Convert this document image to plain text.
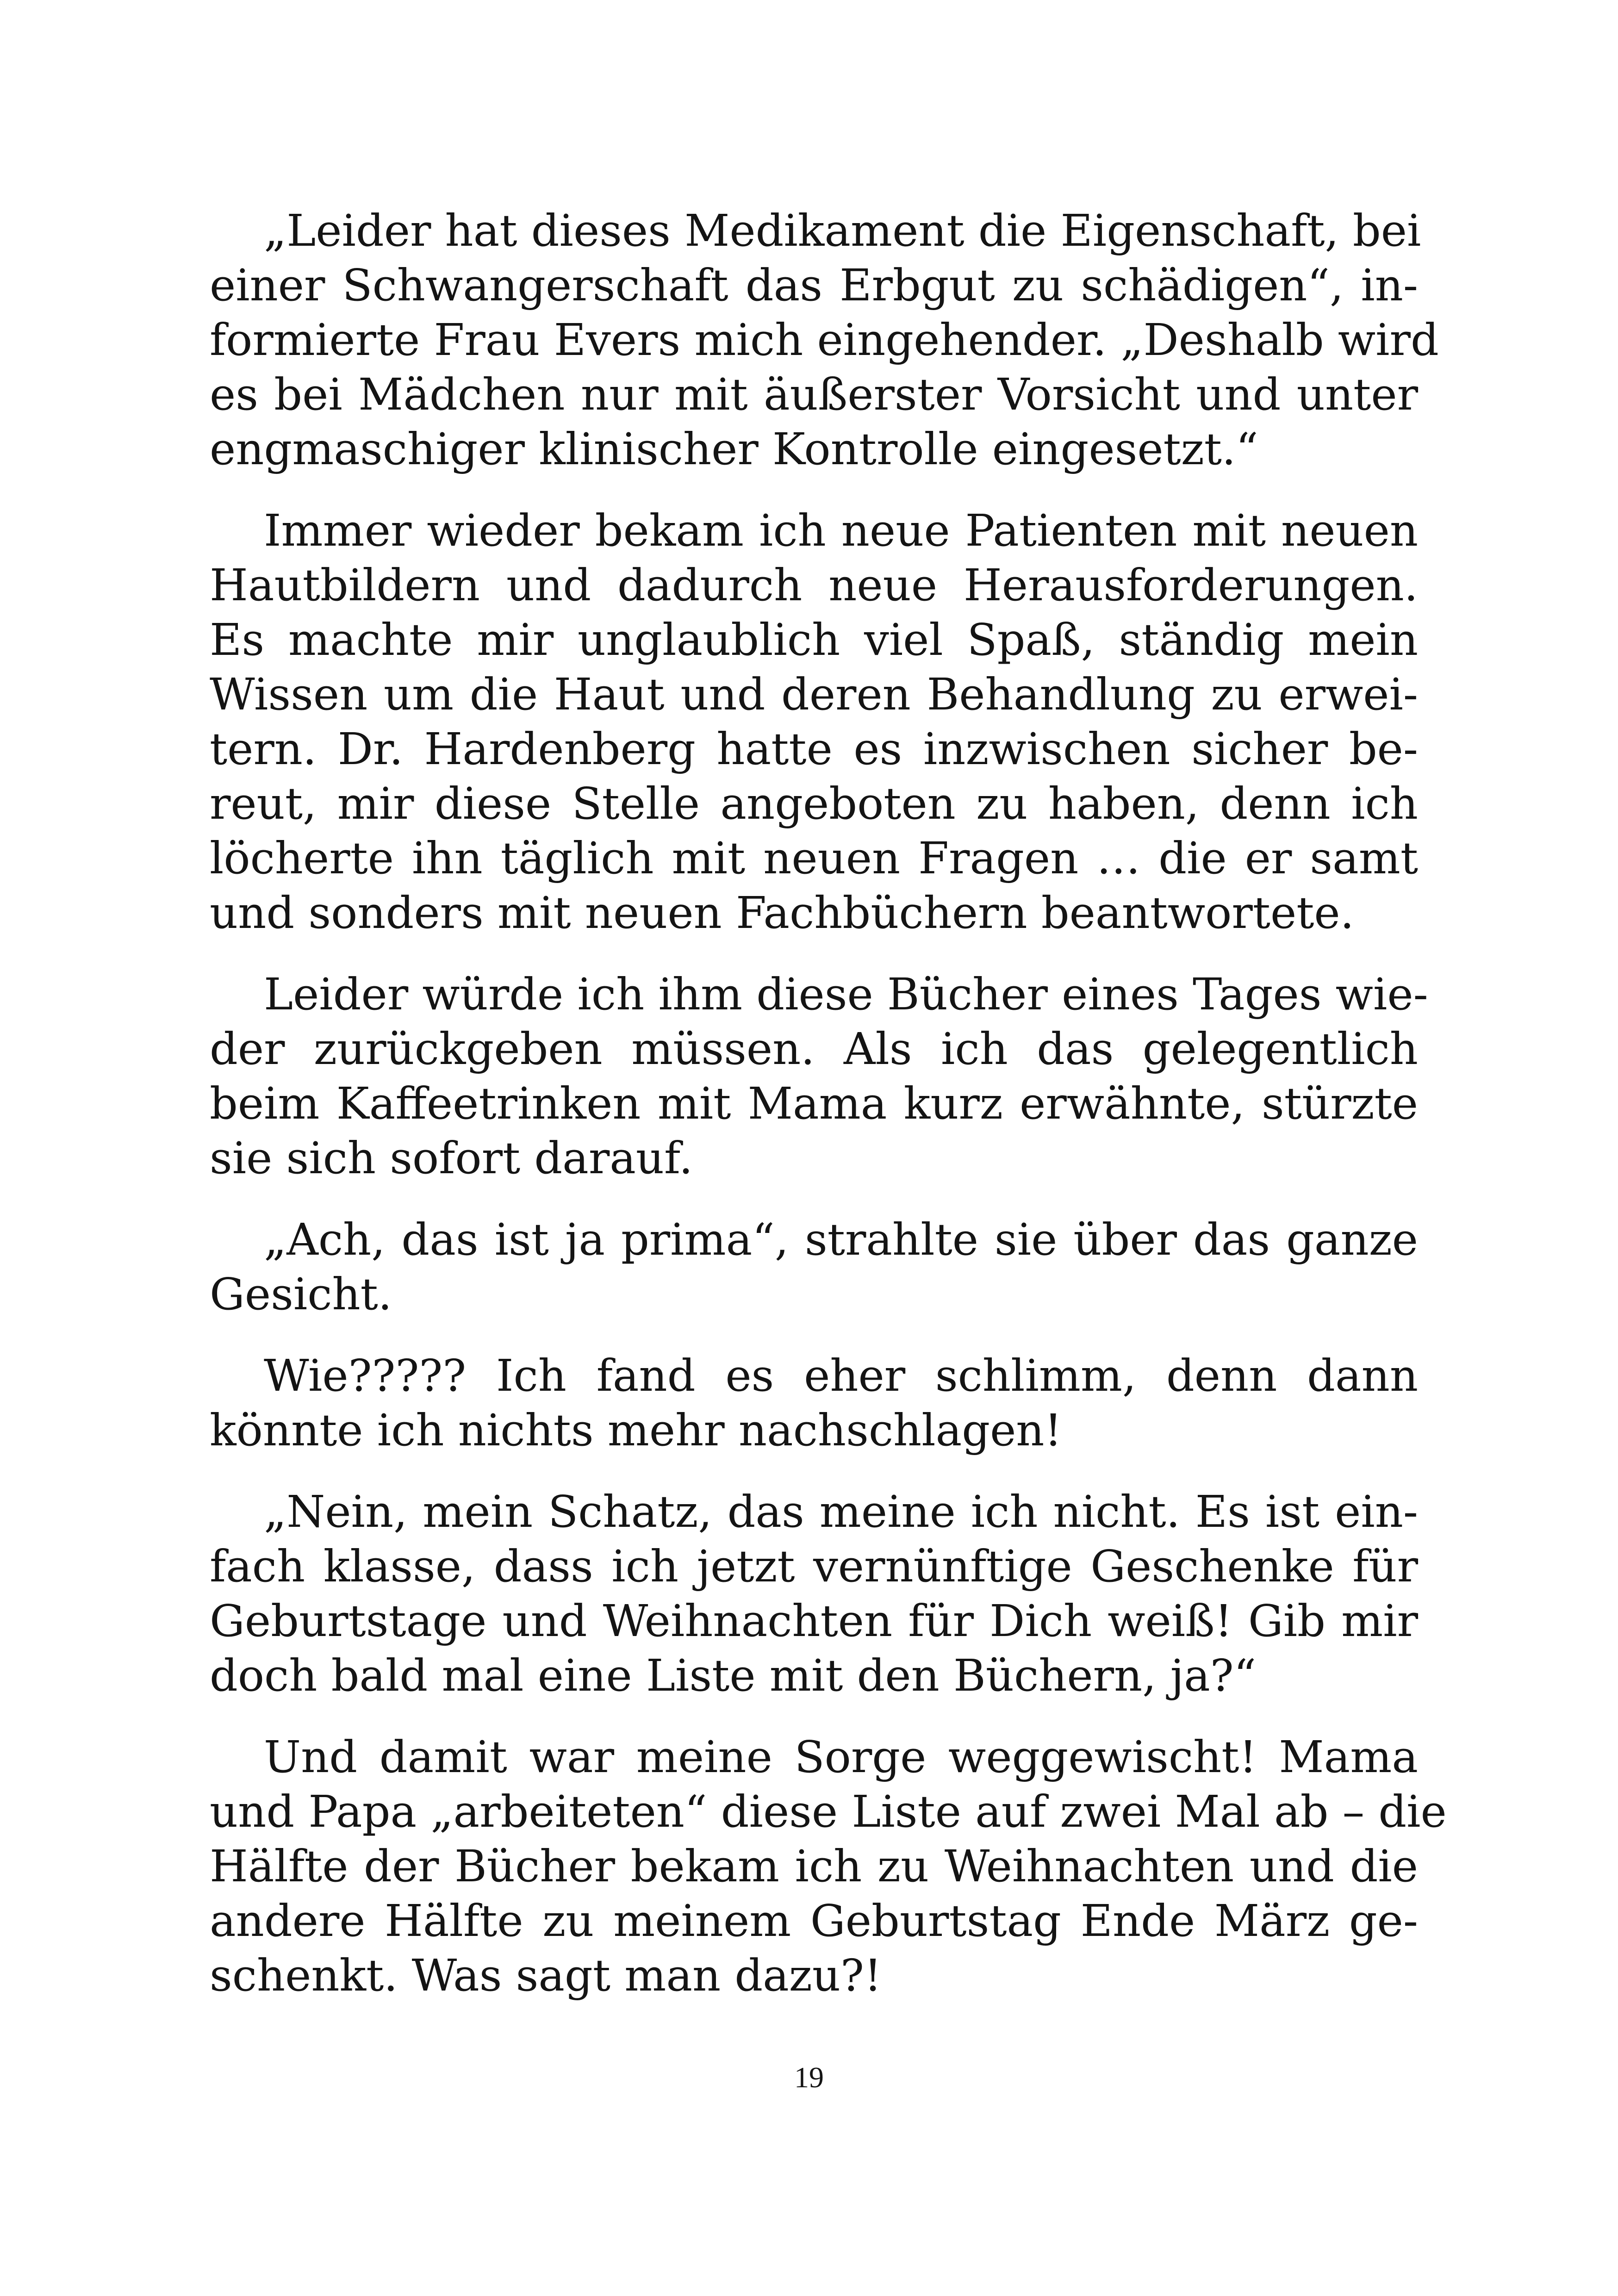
„Leider hat dieses Medikament die Eigenschaft, bei
einer Schwangerschaft das Erbgut zu schädigen“, in-
formierte Frau Evers mich eingehender. „Deshalb wird
es bei Mädchen nur mit äußerster Vorsicht und unter
engmaschiger klinischer Kontrolle eingesetzt.“
Immer wieder bekam ich neue Patienten mit neuen
Hautbildern und dadurch neue Herausforderungen.
Es machte mir unglaublich viel Spaß, ständig mein
Wissen um die Haut und deren Behandlung zu erwei-
tern. Dr. Hardenberg hatte es inzwischen sicher be-
reut, mir diese Stelle angeboten zu haben, denn ich
löcherte ihn täglich mit neuen Fragen … die er samt
und sonders mit neuen Fachbüchern beantwortete.
Leider würde ich ihm diese Bücher eines Tages wie-
der zurückgeben müssen. Als ich das gelegentlich
beim Kaffeetrinken mit Mama kurz erwähnte, stürzte
sie sich sofort darauf.
„Ach, das ist ja prima“, strahlte sie über das ganze
Gesicht.
Wie????? Ich fand es eher schlimm, denn dann
könnte ich nichts mehr nachschlagen!
„Nein, mein Schatz, das meine ich nicht. Es ist ein-
fach klasse, dass ich jetzt vernünftige Geschenke für
Geburtstage und Weihnachten für Dich weiß! Gib mir
doch bald mal eine Liste mit den Büchern, ja?“
Und damit war meine Sorge weggewischt! Mama
und Papa „arbeiteten“ diese Liste auf zwei Mal ab – die
Hälfte der Bücher bekam ich zu Weihnachten und die
andere Hälfte zu meinem Geburtstag Ende März ge-
schenkt. Was sagt man dazu?!
19
